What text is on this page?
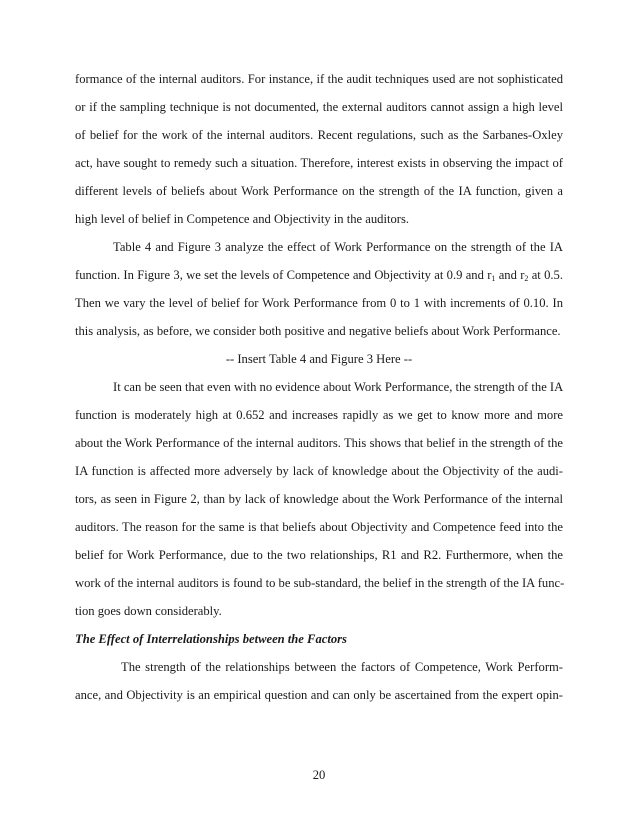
formance of the internal auditors. For instance, if the audit techniques used are not sophisticated
or if the sampling technique is not documented, the external auditors cannot assign a high level
of belief for the work of the internal auditors. Recent regulations, such as the Sarbanes-Oxley
act, have sought to remedy such a situation. Therefore, interest exists in observing the impact of
different levels of beliefs about Work Performance on the strength of the IA function, given a
high level of belief in Competence and Objectivity in the auditors.
Table 4 and Figure 3 analyze the effect of Work Performance on the strength of the IA
function. In Figure 3, we set the levels of Competence and Objectivity at 0.9 and $r_1$ and $r_2$ at 0.5.
Then we vary the level of belief for Work Performance from 0 to 1 with increments of 0.10. In
this analysis, as before, we consider both positive and negative beliefs about Work Performance.
-- Insert Table 4 and Figure 3 Here --
It can be seen that even with no evidence about Work Performance, the strength of the IA
function is moderately high at 0.652 and increases rapidly as we get to know more and more
about the Work Performance of the internal auditors. This shows that belief in the strength of the
IA function is affected more adversely by lack of knowledge about the Objectivity of the audi-
tors, as seen in Figure 2, than by lack of knowledge about the Work Performance of the internal
auditors. The reason for the same is that beliefs about Objectivity and Competence feed into the
belief for Work Performance, due to the two relationships, R1 and R2. Furthermore, when the
work of the internal auditors is found to be sub-standard, the belief in the strength of the IA func-
tion goes down considerably.
The Effect of Interrelationships between the Factors
The strength of the relationships between the factors of Competence, Work Perform-
ance, and Objectivity is an empirical question and can only be ascertained from the expert opin-
20
